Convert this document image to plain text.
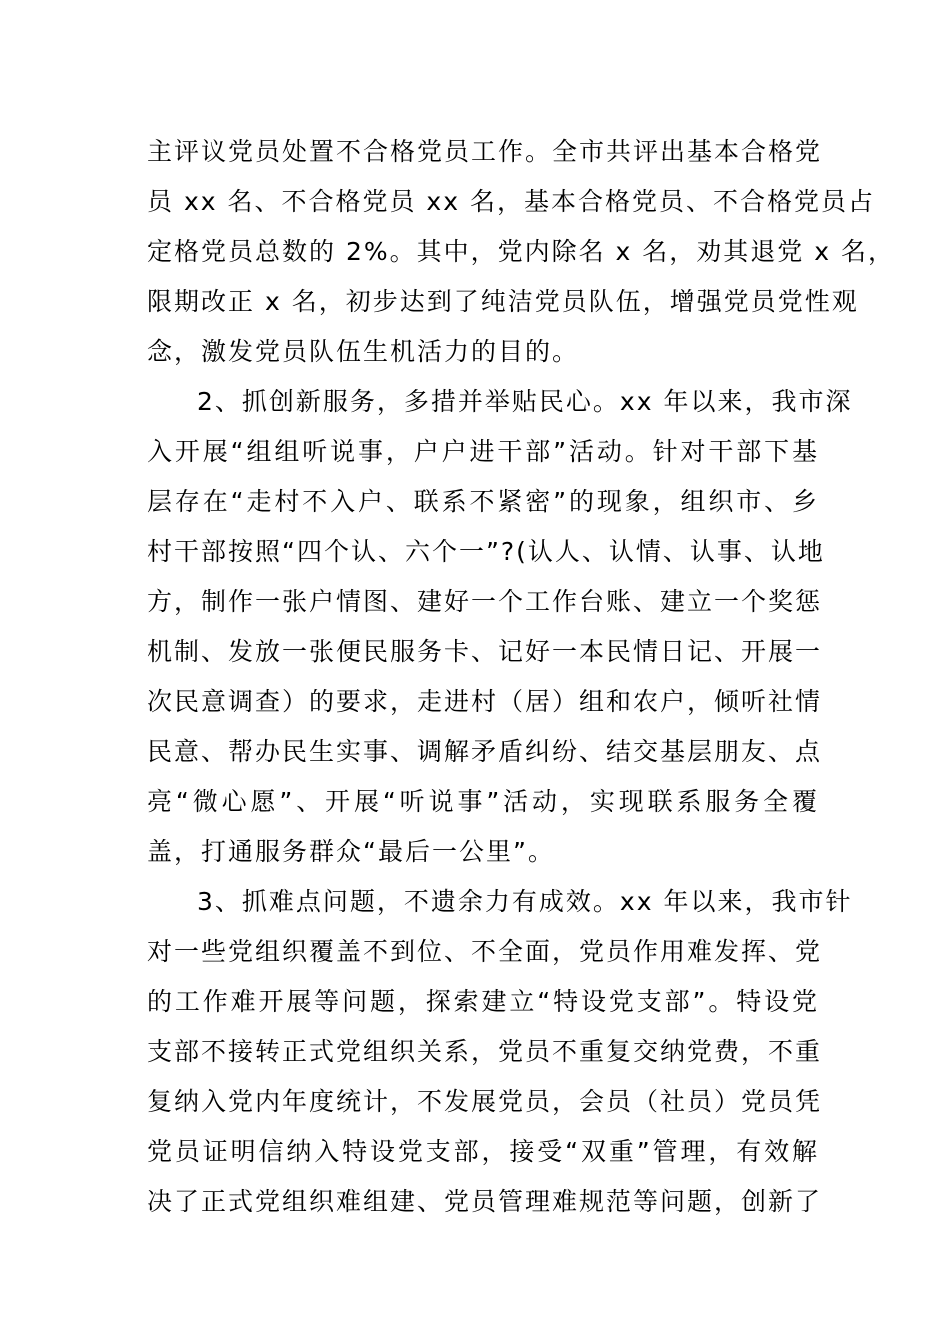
主评议党员处置不合格党员工作。全市共评出基本合格党
员 xx 名、不合格党员 xx 名，基本合格党员、不合格党员占
定格党员总数的 2%。其中，党内除名 x 名，劝其退党 x 名，
限期改正 x 名，初步达到了纯洁党员队伍，增强党员党性观
念，激发党员队伍生机活力的目的。
2、抓创新服务，多措并举贴民心。xx 年以来，我市深
入开展“组组听说事，户户进干部”活动。针对干部下基
层存在“走村不入户、联系不紧密”的现象，组织市、乡
村干部按照“四个认、六个一”?(认人、认情、认事、认地
方，制作一张户情图、建好一个工作台账、建立一个奖惩
机制、发放一张便民服务卡、记好一本民情日记、开展一
次民意调查）的要求，走进村（居）组和农户，倾听社情
民意、帮办民生实事、调解矛盾纠纷、结交基层朋友、点
亮“微心愿”、开展“听说事”活动，实现联系服务全覆
盖，打通服务群众“最后一公里”。
3、抓难点问题，不遗余力有成效。xx 年以来，我市针
对一些党组织覆盖不到位、不全面，党员作用难发挥、党
的工作难开展等问题，探索建立“特设党支部”。特设党
支部不接转正式党组织关系，党员不重复交纳党费，不重
复纳入党内年度统计，不发展党员，会员（社员）党员凭
党员证明信纳入特设党支部，接受“双重”管理，有效解
决了正式党组织难组建、党员管理难规范等问题，创新了
